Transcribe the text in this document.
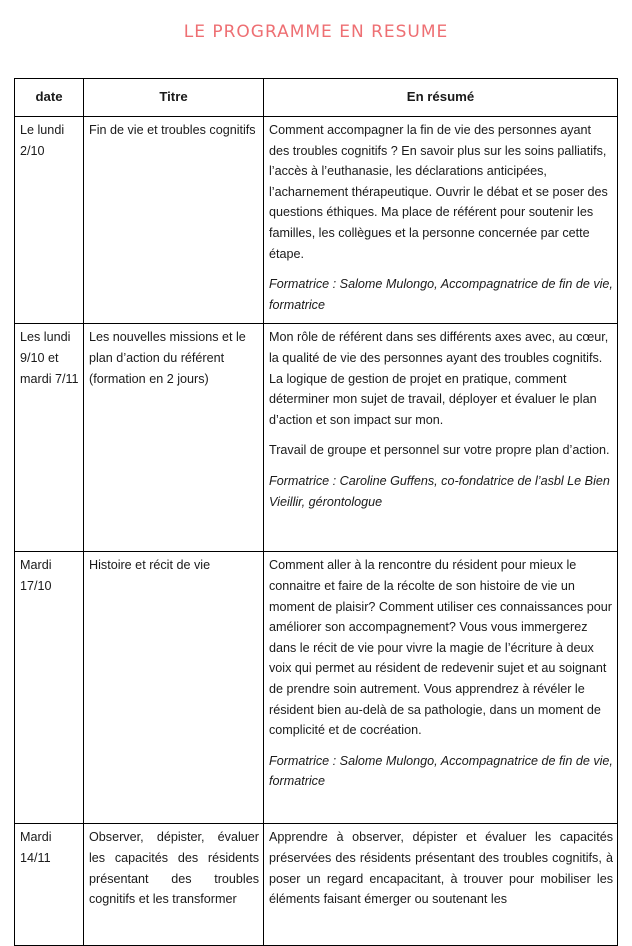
LE PROGRAMME EN RESUME
date	Titre	En résumé
Le lundi 2/10	Fin de vie et troubles cognitifs	Comment accompagner la fin de vie des personnes ayant des troubles cognitifs ? En savoir plus sur les soins palliatifs, l’accès à l’euthanasie, les déclarations anticipées, l’acharnement thérapeutique. Ouvrir le débat et se poser des questions éthiques. Ma place de référent pour soutenir les familles, les collègues et la personne concernée par cette étape.

Formatrice : Salome Mulongo, Accompagnatrice de fin de vie, formatrice

Les lundi 9/10 et mardi 7/11	Les nouvelles missions et le plan d’action du référent (formation en 2 jours)	Mon rôle de référent dans ses différents axes avec, au cœur, la qualité de vie des personnes ayant des troubles cognitifs. La logique de gestion de projet en pratique, comment déterminer mon sujet de travail, déployer et évaluer le plan d’action et son impact sur mon.

Travail de groupe et personnel sur votre propre plan d’action.

Formatrice : Caroline Guffens, co-fondatrice de l’asbl Le Bien Vieillir, gérontologue

Mardi 17/10	Histoire et récit de vie	Comment aller à la rencontre du résident pour mieux le connaitre et faire de la récolte de son histoire de vie un moment de plaisir? Comment utiliser ces connaissances pour améliorer son accompagnement? Vous vous immergerez dans le récit de vie pour vivre la magie de l’écriture à deux voix qui permet au résident de redevenir sujet et au soignant de prendre soin autrement. Vous apprendrez à révéler le résident bien au-delà de sa pathologie, dans un moment de complicité et de cocréation.

Formatrice : Salome Mulongo, Accompagnatrice de fin de vie, formatrice

Mardi 14/11	Observer, dépister, évaluer les capacités des résidents présentant des troubles cognitifs et les transformer	Apprendre à observer, dépister et évaluer les capacités préservées des résidents présentant des troubles cognitifs, à poser un regard encapacitant, à trouver pour mobiliser les éléments faisant émerger ou soutenant les
